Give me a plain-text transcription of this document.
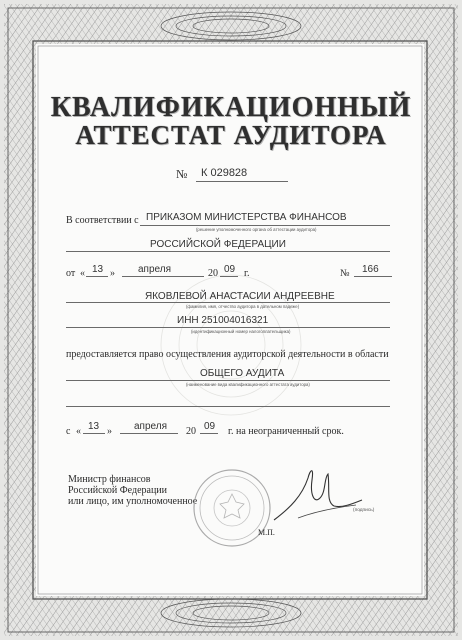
КВАЛИФИКАЦИОННЫЙ
АТТЕСТАТ АУДИТОРА
№ К 029828
В соответствии с ПРИКАЗОМ МИНИСТЕРСТВА ФИНАНСОВ
(решение уполномоченного органа об аттестации аудитора)
РОССИЙСКОЙ ФЕДЕРАЦИИ
от « 13 » апреля	20 09 г.	№ 166
ЯКОВЛЕВОЙ АНАСТАСИИ АНДРЕЕВНЕ
(фамилия, имя, отчество аудитора в дательном падеже)
ИНН 251004016321
(идентификационный номер налогоплательщика)
предоставляется право осуществления аудиторской деятельности в области
ОБЩЕГО АУДИТА
(наименование вида квалификационного аттестата аудитора)
с « 13 » апреля 20 09 г. на неограниченный срок.
Министр финансов
Российской Федерации
или лицо, им уполномоченное
(подпись)
М.П.
